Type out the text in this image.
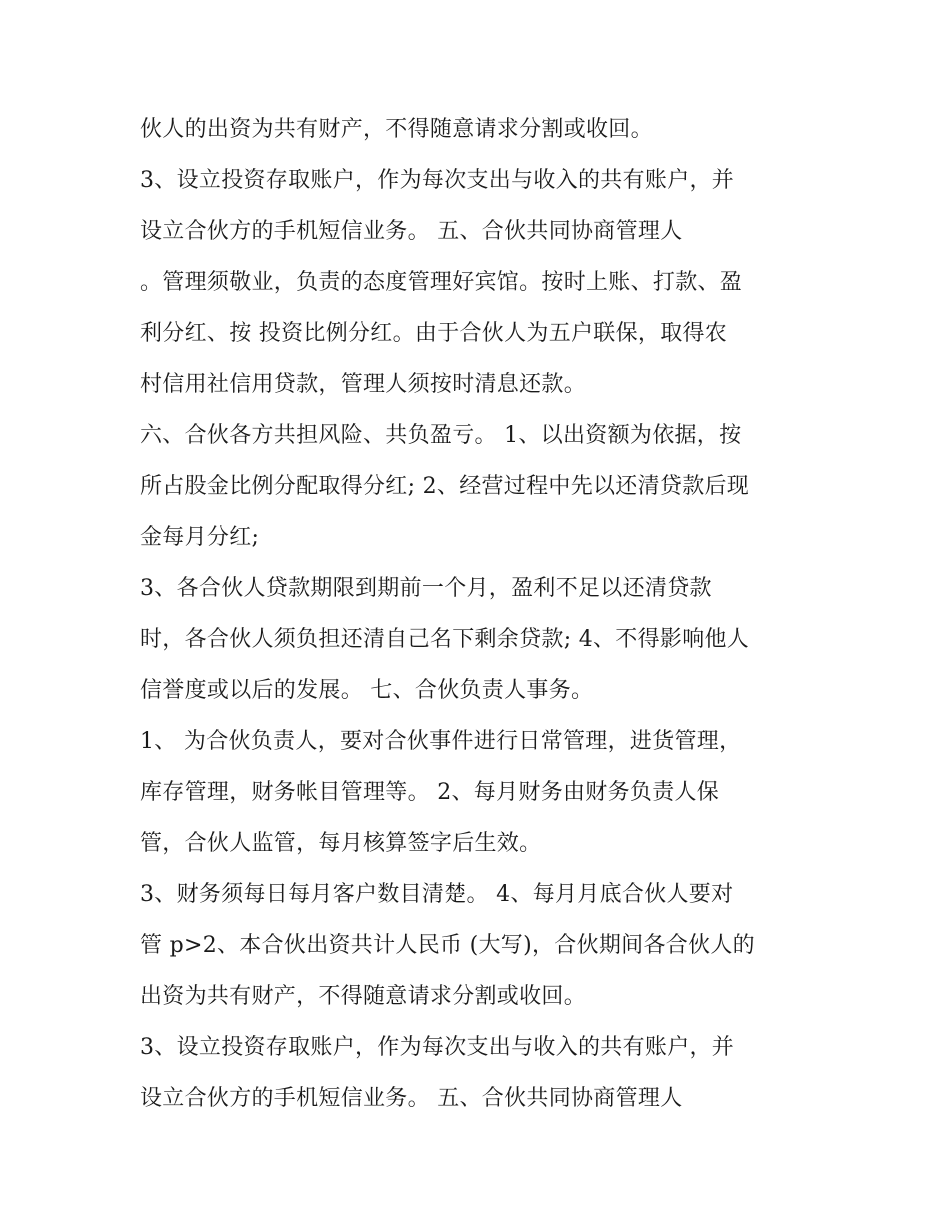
伙人的出资为共有财产，不得随意请求分割或收回。
3、设立投资存取账户，作为每次支出与收入的共有账户，并
设立合伙方的手机短信业务。 五、合伙共同协商管理人
。管理须敬业，负责的态度管理好宾馆。按时上账、打款、盈
利分红、按 投资比例分红。由于合伙人为五户联保，取得农
村信用社信用贷款，管理人须按时清息还款。
六、合伙各方共担风险、共负盈亏。 1、以出资额为依据，按
所占股金比例分配取得分红; 2、经营过程中先以还清贷款后现
金每月分红;
3、各合伙人贷款期限到期前一个月，盈利不足以还清贷款
时，各合伙人须负担还清自己名下剩余贷款; 4、不得影响他人
信誉度或以后的发展。 七、合伙负责人事务。
1、 为合伙负责人，要对合伙事件进行日常管理，进货管理，
库存管理，财务帐目管理等。 2、每月财务由财务负责人保
管，合伙人监管，每月核算签字后生效。
3、财务须每日每月客户数目清楚。 4、每月月底合伙人要对
管 p>2、本合伙出资共计人民币 (大写)，合伙期间各合伙人的
出资为共有财产，不得随意请求分割或收回。
3、设立投资存取账户，作为每次支出与收入的共有账户，并
设立合伙方的手机短信业务。 五、合伙共同协商管理人
